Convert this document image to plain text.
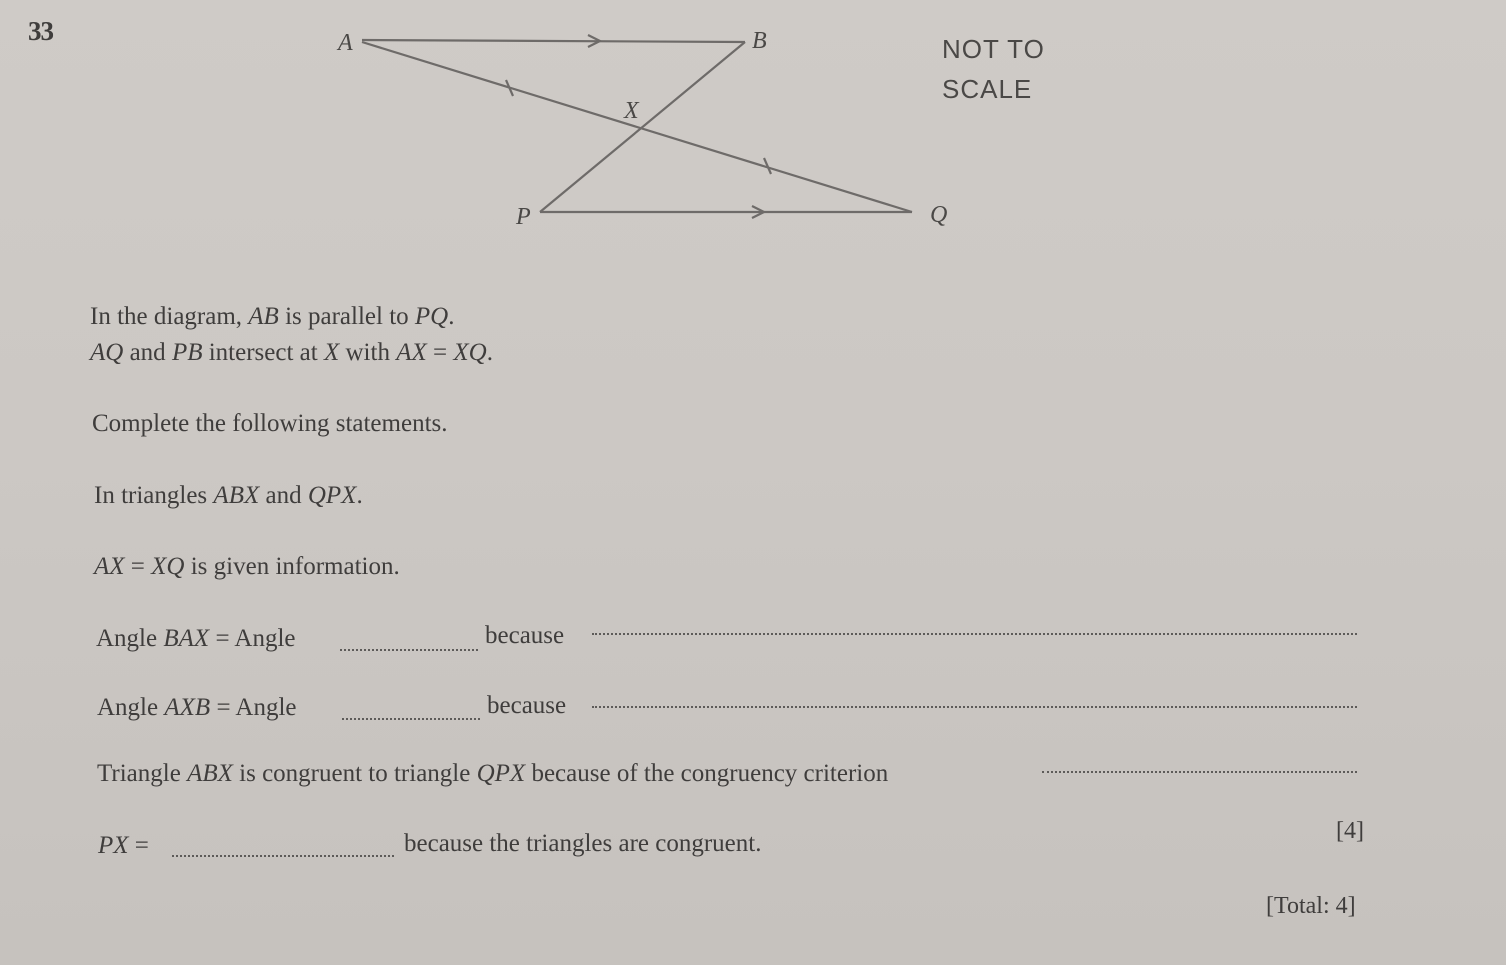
33	A	B
X
P	Q
NOT TO
SCALE
In the diagram, AB is parallel to PQ.
AQ and PB intersect at X with AX = XQ.
Complete the following statements.
In triangles ABX and QPX.
AX = XQ is given information.
Angle BAX = Angle	because
Angle AXB = Angle	because
Triangle ABX is congruent to triangle QPX because of the congruency criterion
PX =	because the triangles are congruent.	[4]
[Total: 4]
